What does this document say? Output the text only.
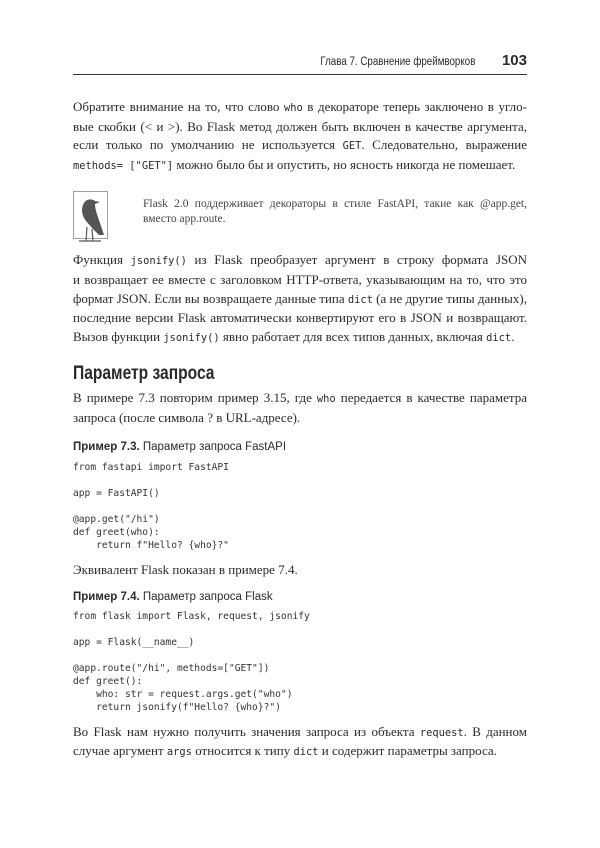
Глава 7. Сравнение фреймворков 103
Обратите внимание на то, что слово who в декораторе теперь заключено в угло-
вые скобки (< и >). Во Flask метод должен быть включен в качестве аргумента,
если только по умолчанию не используется GET. Следовательно, выражение
methods= ["GET"] можно было бы и опустить, но ясность никогда не помешает.
Flask 2.0 поддерживает декораторы в стиле FastAPI, такие как @app.get,
вместо app.route.
Функция jsonify() из Flask преобразует аргумент в строку формата JSON
и возвращает ее вместе с заголовком HTTP-ответа, указывающим на то, что это
формат JSON. Если вы возвращаете данные типа dict (а не другие типы данных),
последние версии Flask автоматически конвертируют его в JSON и возвращают.
Вызов функции jsonify() явно работает для всех типов данных, включая dict.
Параметр запроса
В примере 7.3 повторим пример 3.15, где who передается в качестве параметра
запроса (после символа ? в URL-адресе).
Пример 7.3. Параметр запроса FastAPI
from fastapi import FastAPI

app = FastAPI()

@app.get("/hi")
def greet(who):
return f"Hello? {who}?"
Эквивалент Flask показан в примере 7.4.
Пример 7.4. Параметр запроса Flask
from flask import Flask, request, jsonify

app = Flask(__name__)

@app.route("/hi", methods=["GET"])
def greet():
who: str = request.args.get("who")
return jsonify(f"Hello? {who}?")
Во Flask нам нужно получить значения запроса из объекта request. В данном
случае аргумент args относится к типу dict и содержит параметры запроса.
